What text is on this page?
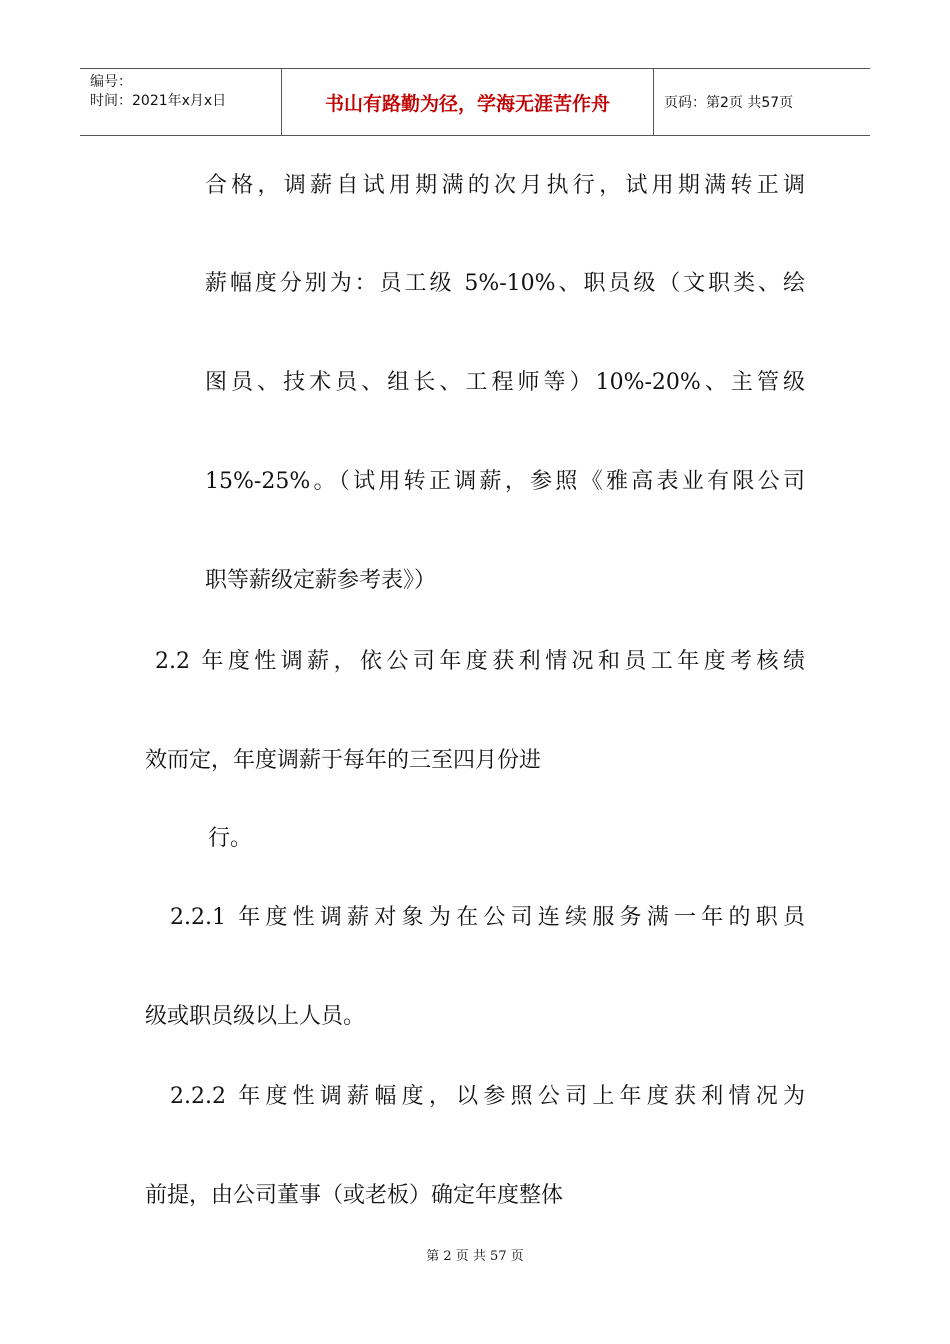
编号：
时间：2021年x月x日	书山有路勤为径，学海无涯苦作舟	页码：第2页 共57页
合格，调薪自试用期满的次月执行，试用期满转正调
薪幅度分别为：员工级 5%-10%、职员级（文职类、绘
图员、技术员、组长、工程师等）10%-20%、主管级
15%-25%。（试用转正调薪，参照《雅高表业有限公司
职等薪级定薪参考表》）
2.2 年度性调薪，依公司年度获利情况和员工年度考核绩
效而定，年度调薪于每年的三至四月份进
行。
2.2.1 年度性调薪对象为在公司连续服务满一年的职员
级或职员级以上人员。
2.2.2 年度性调薪幅度，以参照公司上年度获利情况为
前提，由公司董事（或老板）确定年度整体
第 2 页 共 57 页
